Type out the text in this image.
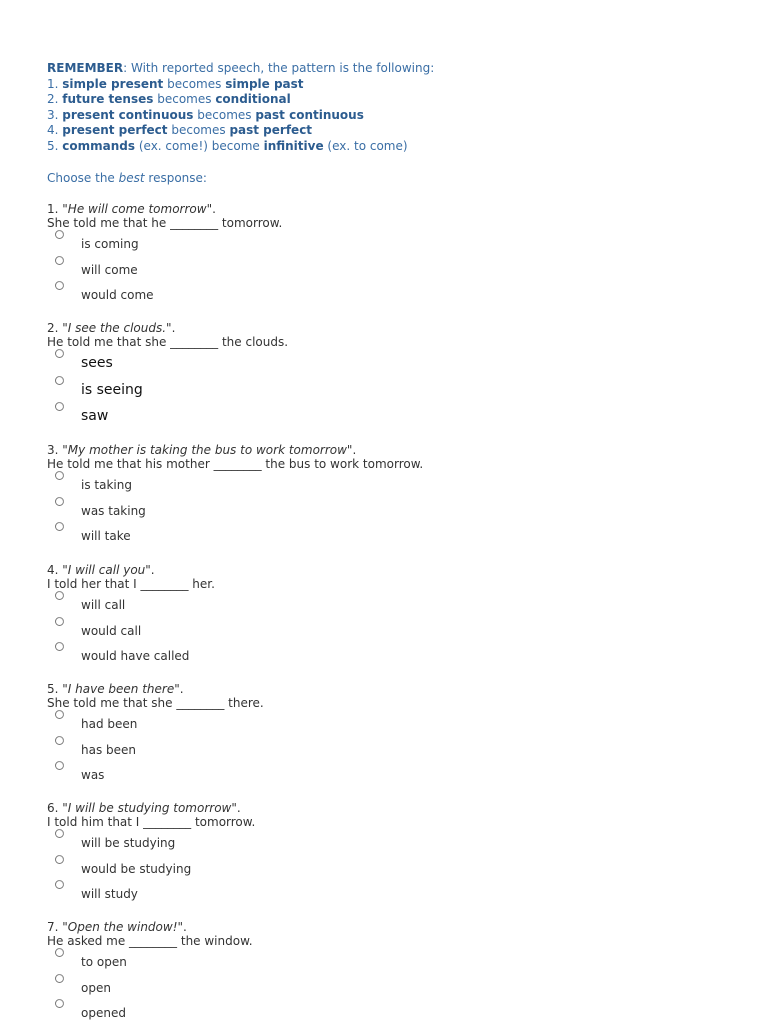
REMEMBER: With reported speech, the pattern is the following:
1. simple present becomes simple past
2. future tenses becomes conditional
3. present continuous becomes past continuous
4. present perfect becomes past perfect
5. commands (ex. come!) become infinitive (ex. to come)
Choose the best response:
1. "He will come tomorrow".
She told me that he ________ tomorrow.
is coming
will come
would come
2. "I see the clouds.".
He told me that she ________ the clouds.
sees
is seeing
saw
3. "My mother is taking the bus to work tomorrow".
He told me that his mother ________ the bus to work tomorrow.
is taking
was taking
will take
4. "I will call you".
I told her that I ________ her.
will call
would call
would have called
5. "I have been there".
She told me that she ________ there.
had been
has been
was
6. "I will be studying tomorrow".
I told him that I ________ tomorrow.
will be studying
would be studying
will study
7. "Open the window!".
He asked me ________ the window.
to open
open
opened
